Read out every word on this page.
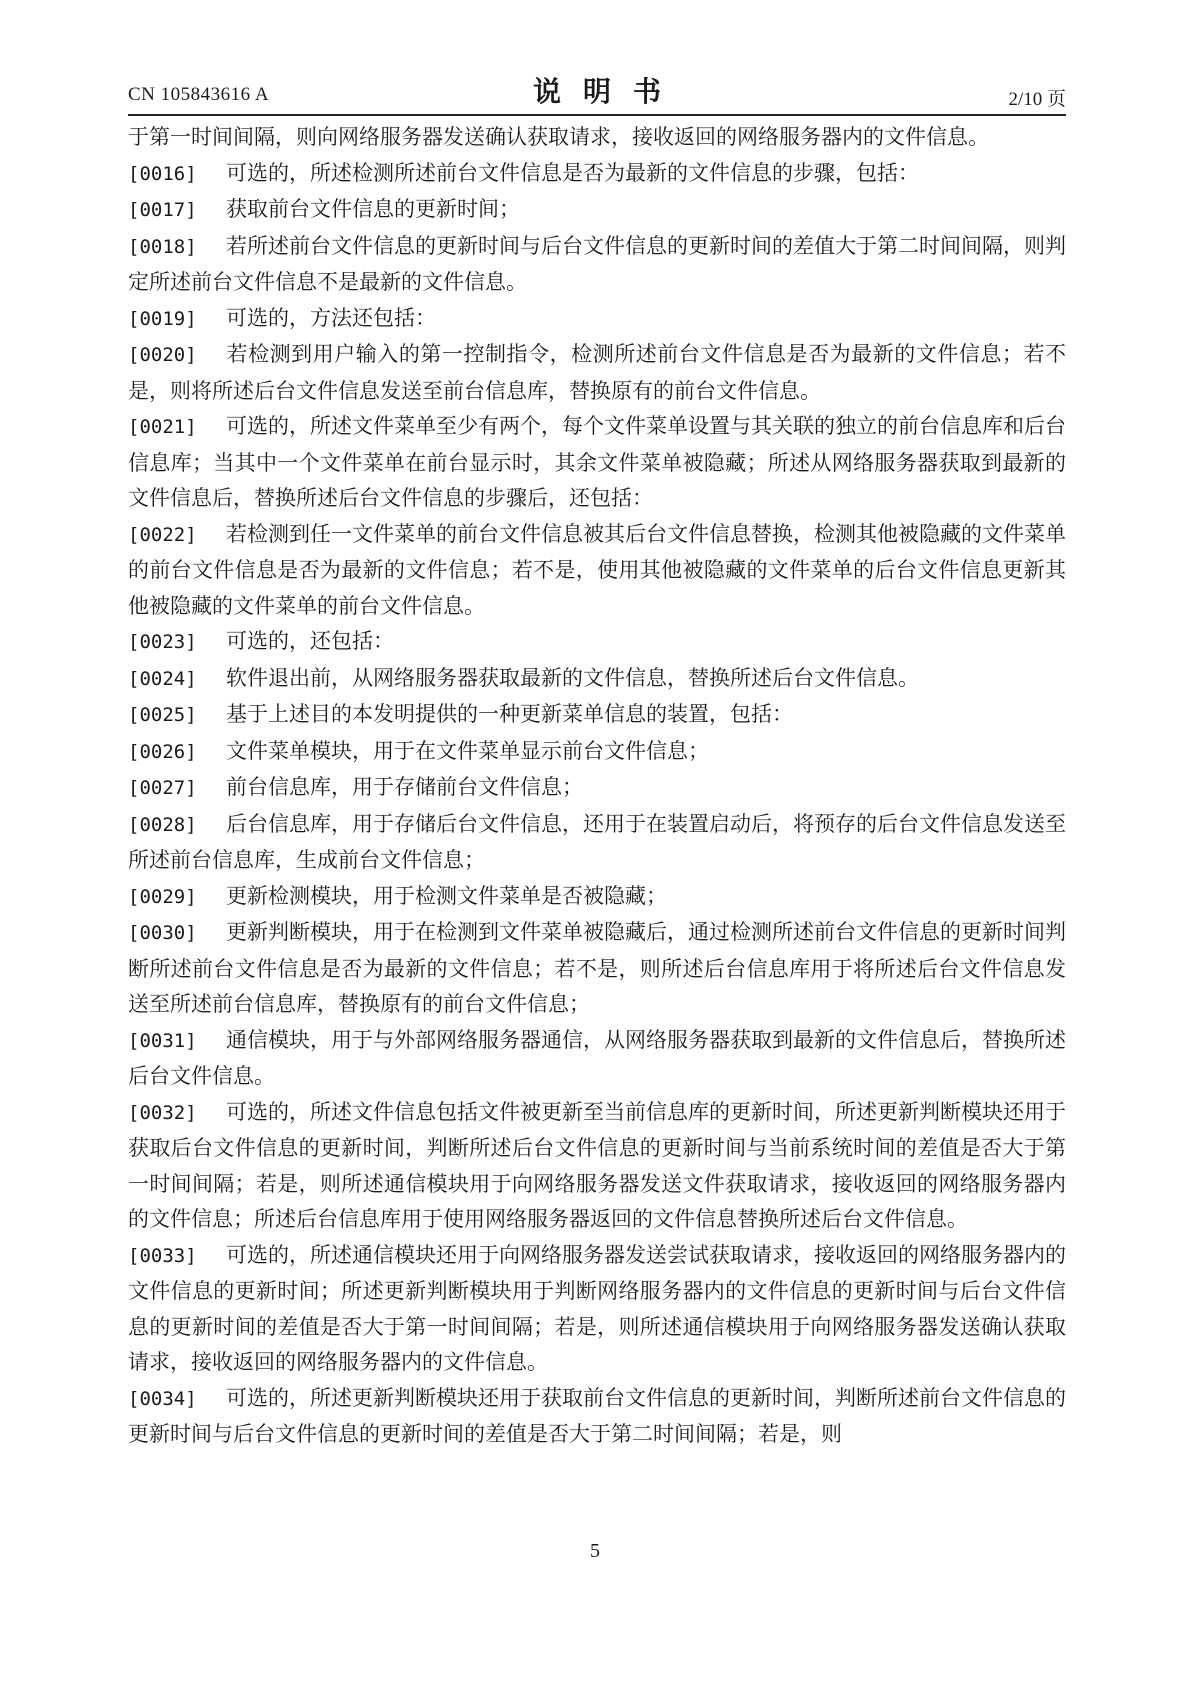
CN 105843616 A	说明书	2/10 页

于第一时间间隔，则向网络服务器发送确认获取请求，接收返回的网络服务器内的文件信息。

[0016] 可选的，所述检测所述前台文件信息是否为最新的文件信息的步骤，包括：

[0017] 获取前台文件信息的更新时间；

[0018] 若所述前台文件信息的更新时间与后台文件信息的更新时间的差值大于第二时间间隔，则判定所述前台文件信息不是最新的文件信息。

[0019] 可选的，方法还包括：

[0020] 若检测到用户输入的第一控制指令，检测所述前台文件信息是否为最新的文件信息；若不是，则将所述后台文件信息发送至前台信息库，替换原有的前台文件信息。

[0021] 可选的，所述文件菜单至少有两个，每个文件菜单设置与其关联的独立的前台信息库和后台信息库；当其中一个文件菜单在前台显示时，其余文件菜单被隐藏；所述从网络服务器获取到最新的文件信息后，替换所述后台文件信息的步骤后，还包括：

[0022] 若检测到任一文件菜单的前台文件信息被其后台文件信息替换，检测其他被隐藏的文件菜单的前台文件信息是否为最新的文件信息；若不是，使用其他被隐藏的文件菜单的后台文件信息更新其他被隐藏的文件菜单的前台文件信息。

[0023] 可选的，还包括：

[0024] 软件退出前，从网络服务器获取最新的文件信息，替换所述后台文件信息。

[0025] 基于上述目的本发明提供的一种更新菜单信息的装置，包括：

[0026] 文件菜单模块，用于在文件菜单显示前台文件信息；

[0027] 前台信息库，用于存储前台文件信息；

[0028] 后台信息库，用于存储后台文件信息，还用于在装置启动后，将预存的后台文件信息发送至所述前台信息库，生成前台文件信息；

[0029] 更新检测模块，用于检测文件菜单是否被隐藏；

[0030] 更新判断模块，用于在检测到文件菜单被隐藏后，通过检测所述前台文件信息的更新时间判断所述前台文件信息是否为最新的文件信息；若不是，则所述后台信息库用于将所述后台文件信息发送至所述前台信息库，替换原有的前台文件信息；

[0031] 通信模块，用于与外部网络服务器通信，从网络服务器获取到最新的文件信息后，替换所述后台文件信息。

[0032] 可选的，所述文件信息包括文件被更新至当前信息库的更新时间，所述更新判断模块还用于获取后台文件信息的更新时间，判断所述后台文件信息的更新时间与当前系统时间的差值是否大于第一时间间隔；若是，则所述通信模块用于向网络服务器发送文件获取请求，接收返回的网络服务器内的文件信息；所述后台信息库用于使用网络服务器返回的文件信息替换所述后台文件信息。

[0033] 可选的，所述通信模块还用于向网络服务器发送尝试获取请求，接收返回的网络服务器内的文件信息的更新时间；所述更新判断模块用于判断网络服务器内的文件信息的更新时间与后台文件信息的更新时间的差值是否大于第一时间间隔；若是，则所述通信模块用于向网络服务器发送确认获取请求，接收返回的网络服务器内的文件信息。

[0034] 可选的，所述更新判断模块还用于获取前台文件信息的更新时间，判断所述前台文件信息的更新时间与后台文件信息的更新时间的差值是否大于第二时间间隔；若是，则

5
